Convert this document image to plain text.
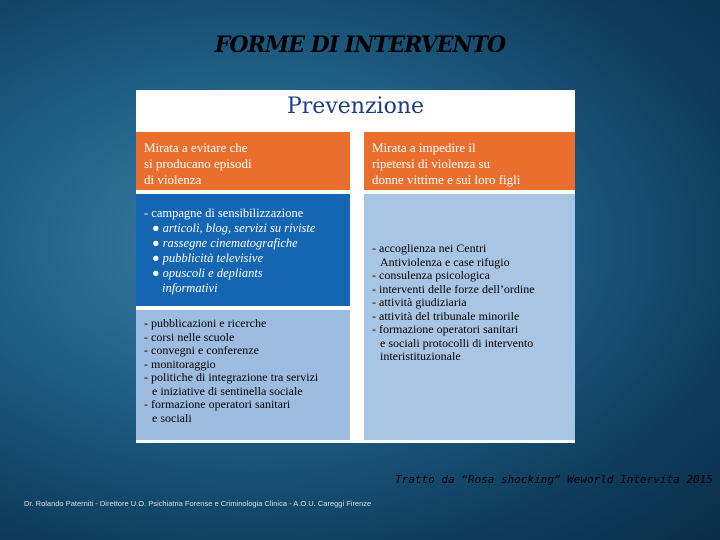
FORME DI INTERVENTO
Prevenzione
Mirata a evitare che
si producano episodi
di violenza
Mirata a impedire il
ripetersi di violenza su
donne vittime e sui loro figli
- campagne di sensibilizzazione
● articoli, blog, servizi su riviste
● rassegne cinematografiche
● pubblicità televisive
● opuscoli e depliants
informativi
- pubblicazioni e ricerche
- corsi nelle scuole
- convegni e conferenze
- monitoraggio
- politiche di integrazione tra servizi
e iniziative di sentinella sociale
- formazione operatori sanitari
e sociali
- accoglienza nei Centri
Antiviolenza e case rifugio
- consulenza psicologica
- interventi delle forze dell’ordine
- attività giudiziaria
- attività del tribunale minorile
- formazione operatori sanitari
e sociali protocolli di intervento
interistituzionale
Tratto da “Rosa shocking” Weworld Intervita 2015
Dr. Rolando Paterniti - Direttore U.O. Psichiatria Forense e Criminologia Clinica - A.O.U. Careggi Firenze
